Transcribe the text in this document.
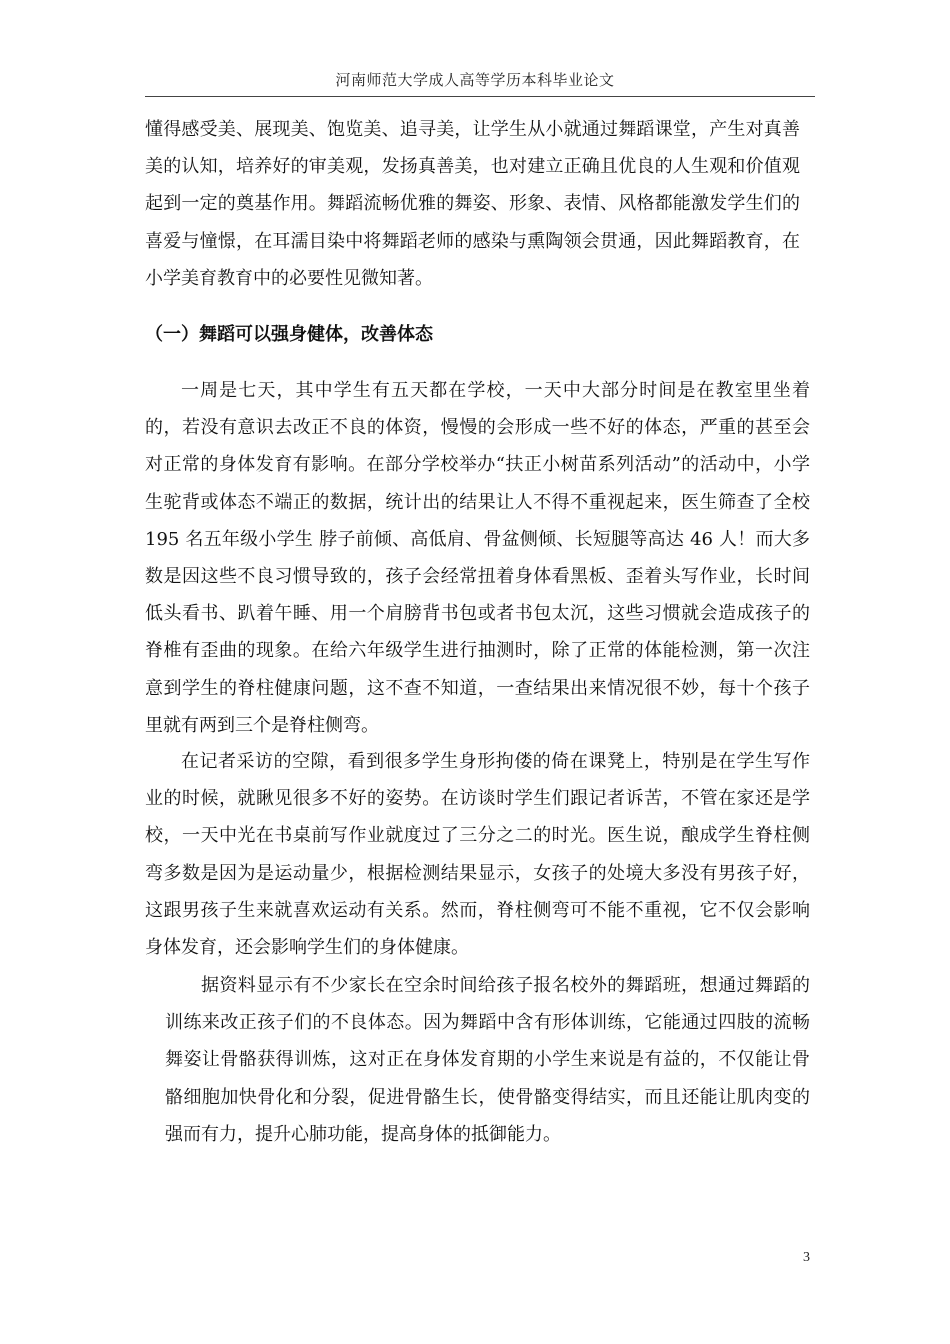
河南师范大学成人高等学历本科毕业论文

懂得感受美、展现美、饱览美、追寻美，让学生从小就通过舞蹈课堂，产生对真善美的认知，培养好的审美观，发扬真善美，也对建立正确且优良的人生观和价值观起到一定的奠基作用。舞蹈流畅优雅的舞姿、形象、表情、风格都能激发学生们的喜爱与憧憬，在耳濡目染中将舞蹈老师的感染与熏陶领会贯通，因此舞蹈教育，在小学美育教育中的必要性见微知著。

（一）舞蹈可以强身健体，改善体态

一周是七天，其中学生有五天都在学校，一天中大部分时间是在教室里坐着的，若没有意识去改正不良的体资，慢慢的会形成一些不好的体态，严重的甚至会对正常的身体发育有影响。在部分学校举办“扶正小树苗系列活动”的活动中，小学生驼背或体态不端正的数据，统计出的结果让人不得不重视起来，医生筛查了全校 195 名五年级小学生 脖子前倾、高低肩、骨盆侧倾、长短腿等高达 46 人！而大多数是因这些不良习惯导致的，孩子会经常扭着身体看黑板、歪着头写作业，长时间低头看书、趴着午睡、用一个肩膀背书包或者书包太沉，这些习惯就会造成孩子的脊椎有歪曲的现象。在给六年级学生进行抽测时，除了正常的体能检测，第一次注意到学生的脊柱健康问题，这不查不知道，一查结果出来情况很不妙，每十个孩子里就有两到三个是脊柱侧弯。

在记者采访的空隙，看到很多学生身形拘偻的倚在课凳上，特别是在学生写作业的时候，就瞅见很多不好的姿势。在访谈时学生们跟记者诉苦，不管在家还是学校，一天中光在书桌前写作业就度过了三分之二的时光。医生说，酿成学生脊柱侧弯多数是因为是运动量少，根据检测结果显示，女孩子的处境大多没有男孩子好，这跟男孩子生来就喜欢运动有关系。然而，脊柱侧弯可不能不重视，它不仅会影响身体发育，还会影响学生们的身体健康。

据资料显示有不少家长在空余时间给孩子报名校外的舞蹈班，想通过舞蹈的训练来改正孩子们的不良体态。因为舞蹈中含有形体训练，它能通过四肢的流畅舞姿让骨骼获得训炼，这对正在身体发育期的小学生来说是有益的，不仅能让骨骼细胞加快骨化和分裂，促进骨骼生长，使骨骼变得结实，而且还能让肌肉变的强而有力，提升心肺功能，提高身体的抵御能力。

3
